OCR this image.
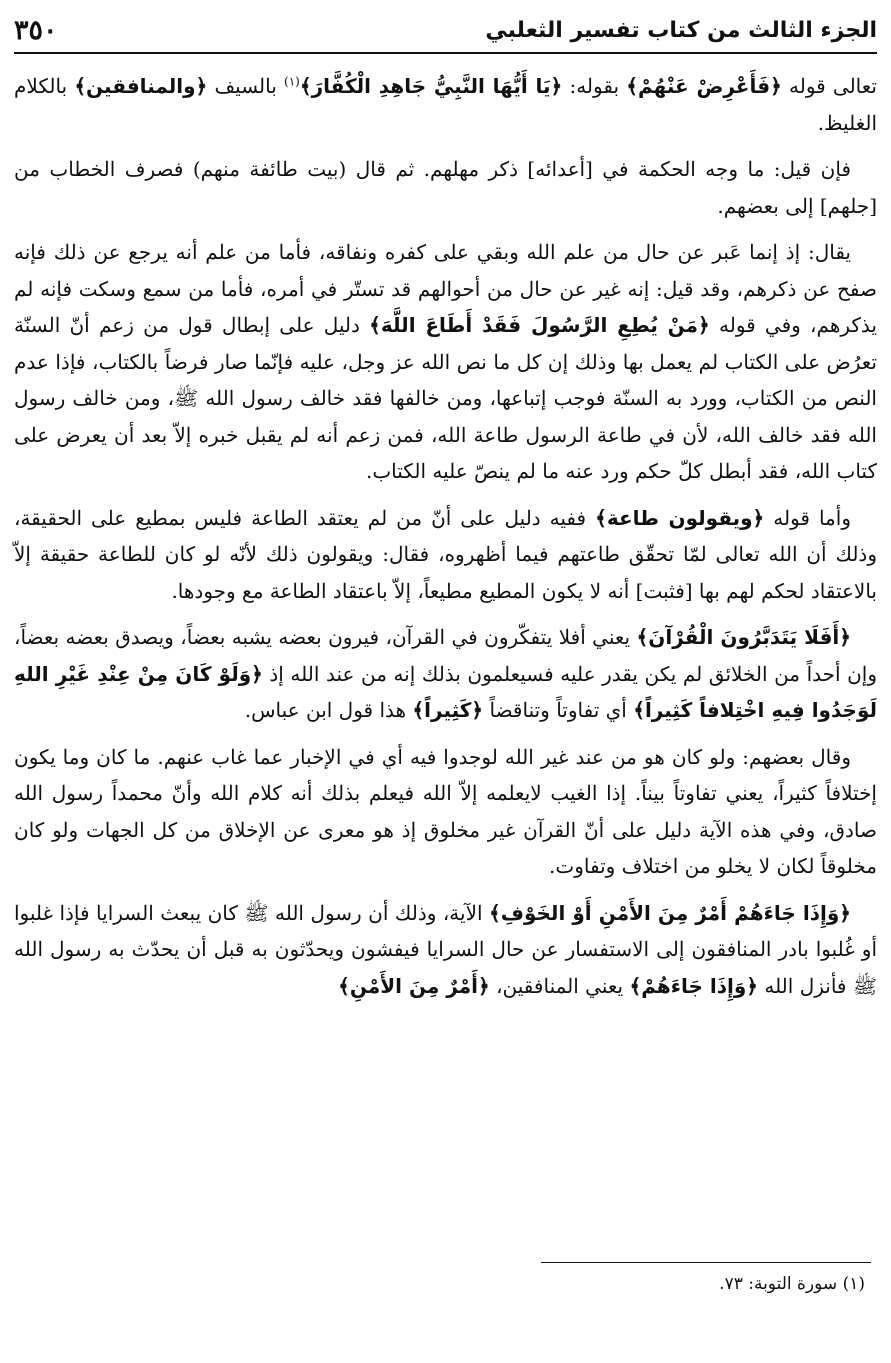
الجزء الثالث من كتاب تفسير الثعلبي
٣٥٠

تعالى قوله ﴿فَأَعْرِضْ عَنْهُمْ﴾ بقوله: ﴿يَا أَيُّهَا النَّبِيُّ جَاهِدِ الْكُفَّارَ﴾$^{(١)}$ بالسيف ﴿والمنافقين﴾ بالكلام الغليظ.

فإن قيل: ما وجه الحكمة في [أعدائه] ذكر مهلهم. ثم قال (بيت طائفة منهم) فصرف الخطاب من [جلهم] إلى بعضهم.

يقال: إذ إنما عَبر عن حال من علم الله وبقي على كفره ونفاقه، فأما من علم أنه يرجع عن ذلك فإنه صفح عن ذكرهم، وقد قيل: إنه غير عن حال من أحوالهم قد تستّر في أمره، فأما من سمع وسكت فإنه لم يذكرهم، وفي قوله ﴿مَنْ يُطِعِ الرَّسُولَ فَقَدْ أَطَاعَ اللَّهَ﴾ دليل على إبطال قول من زعم أنّ السنّة تعرُض على الكتاب لم يعمل بها وذلك إن كل ما نص الله عز وجل، عليه فإنّما صار فرضاً بالكتاب، فإذا عدم النص من الكتاب، وورد به السنّة فوجب إتباعها، ومن خالفها فقد خالف رسول الله ﷺ، ومن خالف رسول الله فقد خالف الله، لأن في طاعة الرسول طاعة الله، فمن زعم أنه لم يقبل خبره إلاّ بعد أن يعرض على كتاب الله، فقد أبطل كلّ حكم ورد عنه ما لم ينصّ عليه الكتاب.

وأما قوله ﴿ويقولون طاعة﴾ ففيه دليل على أنّ من لم يعتقد الطاعة فليس بمطيع على الحقيقة، وذلك أن الله تعالى لمّا تحقّق طاعتهم فيما أظهروه، فقال: ويقولون ذلك لأنّه لو كان للطاعة حقيقة إلاّ بالاعتقاد لحكم لهم بها [فثبت] أنه لا يكون المطيع مطيعاً، إلاّ باعتقاد الطاعة مع وجودها.

﴿أَفَلَا يَتَدَبَّرُونَ الْقُرْآنَ﴾ يعني أفلا يتفكّرون في القرآن، فيرون بعضه يشبه بعضاً، ويصدق بعضه بعضاً، وإن أحداً من الخلائق لم يكن يقدر عليه فسيعلمون بذلك إنه من عند الله إذ ﴿وَلَوْ كَانَ مِنْ عِنْدِ غَيْرِ اللهِ لَوَجَدُوا فِيهِ اخْتِلافاً كَثِيراً﴾ أي تفاوتاً وتناقضاً ﴿كَثِيراً﴾ هذا قول ابن عباس.

وقال بعضهم: ولو كان هو من عند غير الله لوجدوا فيه أي في الإخبار عما غاب عنهم. ما كان وما يكون إختلافاً كثيراً، يعني تفاوتاً بيناً. إذا الغيب لايعلمه إلاّ الله فيعلم بذلك أنه كلام الله وأنّ محمداً رسول الله صادق، وفي هذه الآية دليل على أنّ القرآن غير مخلوق إذ هو معرى عن الإخلاق من كل الجهات ولو كان مخلوقاً لكان لا يخلو من اختلاف وتفاوت.

﴿وَإِذَا جَاءَهُمْ أَمْرٌ مِنَ الأَمْنِ أَوْ الخَوْفِ﴾ الآية، وذلك أن رسول الله ﷺ كان يبعث السرايا فإذا غلبوا أو غُلبوا بادر المنافقون إلى الاستفسار عن حال السرايا فيفشون ويحدّثون به قبل أن يحدّث به رسول الله ﷺ فأنزل الله ﴿وَإِذَا جَاءَهُمْ﴾ يعني المنافقين، ﴿أَمْرٌ مِنَ الأَمْنِ﴾

(١) سورة التوبة: ٧٣.
